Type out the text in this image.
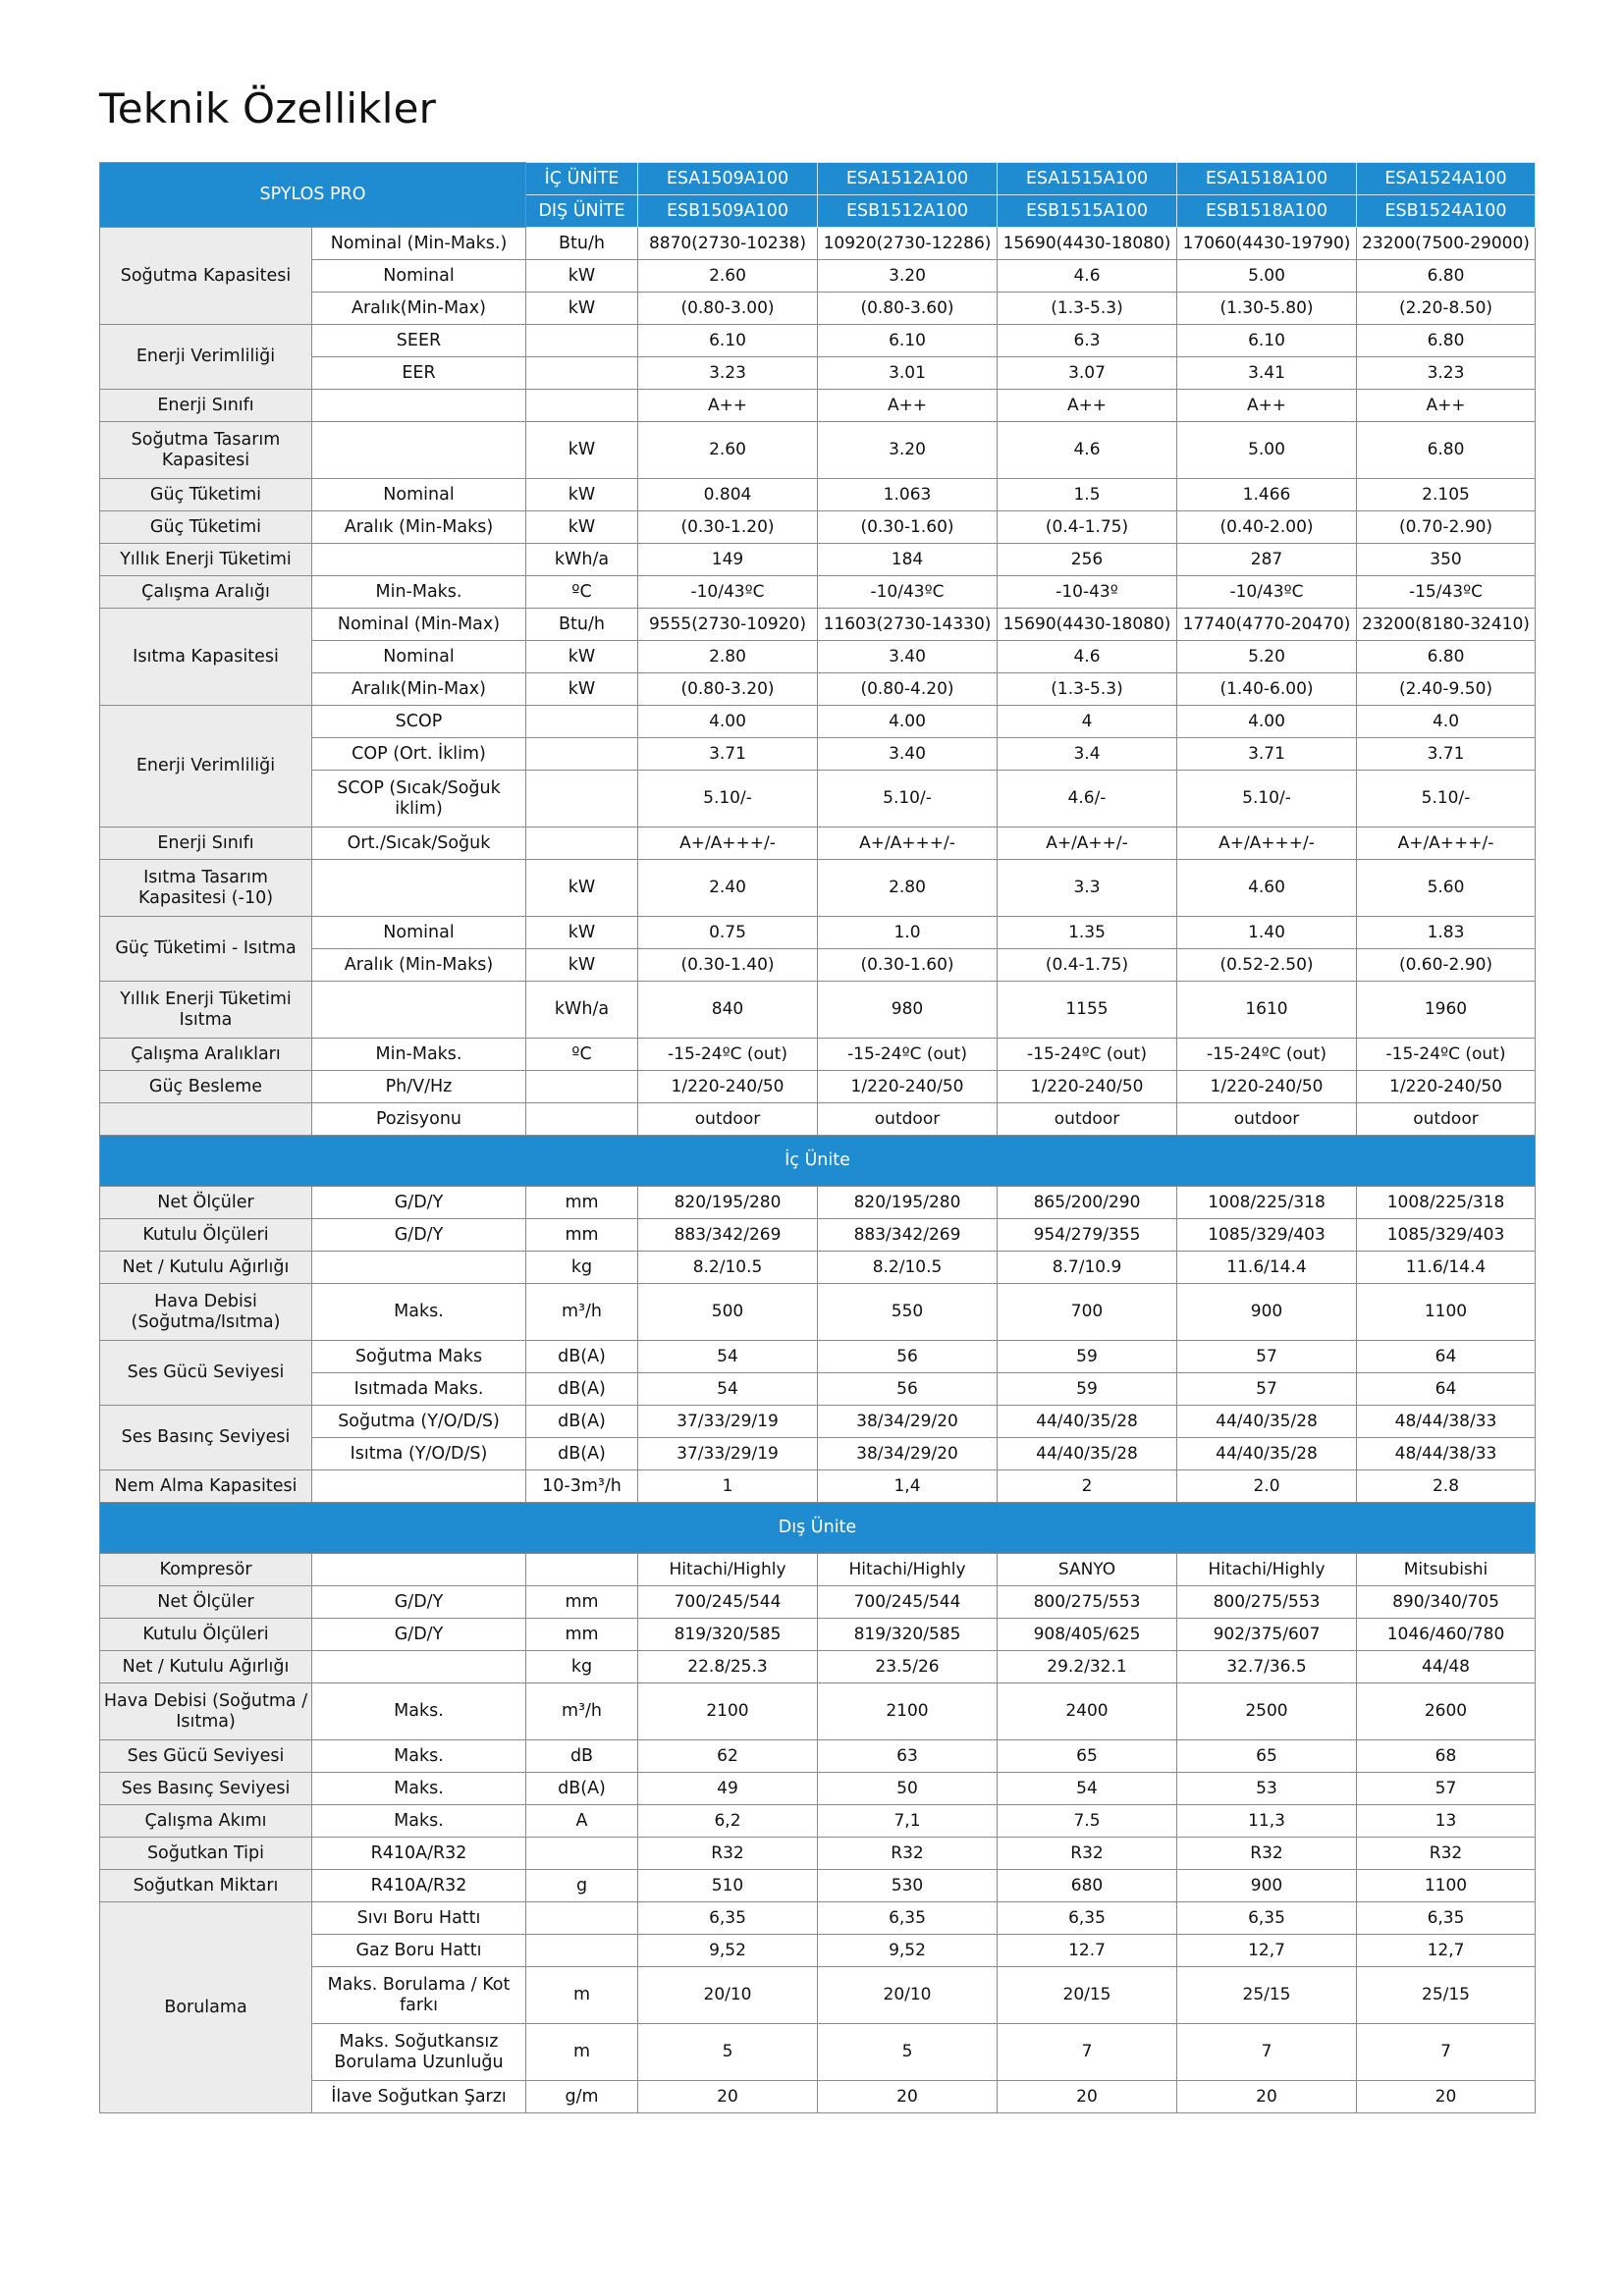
Teknik Özellikler
SPYLOS PRO		İÇ ÜNİTE	ESA1509A100	ESA1512A100	ESA1515A100	ESA1518A100	ESA1524A100
		DIŞ ÜNİTE	ESB1509A100	ESB1512A100	ESB1515A100	ESB1518A100	ESB1524A100
Soğutma Kapasitesi	Nominal (Min-Maks.)	Btu/h	8870(2730-10238)	10920(2730-12286)	15690(4430-18080)	17060(4430-19790)	23200(7500-29000)
	Nominal	kW	2.60	3.20	4.6	5.00	6.80
	Aralık(Min-Max)	kW	(0.80-3.00)	(0.80-3.60)	(1.3-5.3)	(1.30-5.80)	(2.20-8.50)
Enerji Verimliliği	SEER		6.10	6.10	6.3	6.10	6.80
	EER		3.23	3.01	3.07	3.41	3.23
Enerji Sınıfı			A++	A++	A++	A++	A++
Soğutma Tasarım Kapasitesi		kW	2.60	3.20	4.6	5.00	6.80
Güç Tüketimi	Nominal	kW	0.804	1.063	1.5	1.466	2.105
Güç Tüketimi	Aralık (Min-Maks)	kW	(0.30-1.20)	(0.30-1.60)	(0.4-1.75)	(0.40-2.00)	(0.70-2.90)
Yıllık Enerji Tüketimi		kWh/a	149	184	256	287	350
Çalışma Aralığı	Min-Maks.	ºC	-10/43ºC	-10/43ºC	-10-43º	-10/43ºC	-15/43ºC
Isıtma Kapasitesi	Nominal (Min-Max)	Btu/h	9555(2730-10920)	11603(2730-14330)	15690(4430-18080)	17740(4770-20470)	23200(8180-32410)
	Nominal	kW	2.80	3.40	4.6	5.20	6.80
	Aralık(Min-Max)	kW	(0.80-3.20)	(0.80-4.20)	(1.3-5.3)	(1.40-6.00)	(2.40-9.50)
Enerji Verimliliği	SCOP		4.00	4.00	4	4.00	4.0
	COP (Ort. İklim)		3.71	3.40	3.4	3.71	3.71
	SCOP (Sıcak/Soğuk iklim)		5.10/-	5.10/-	4.6/-	5.10/-	5.10/-
Enerji Sınıfı	Ort./Sıcak/Soğuk		A+/A+++/-	A+/A+++/-	A+/A++/-	A+/A+++/-	A+/A+++/-
Isıtma Tasarım Kapasitesi (-10)		kW	2.40	2.80	3.3	4.60	5.60
Güç Tüketimi - Isıtma	Nominal	kW	0.75	1.0	1.35	1.40	1.83
	Aralık (Min-Maks)	kW	(0.30-1.40)	(0.30-1.60)	(0.4-1.75)	(0.52-2.50)	(0.60-2.90)
Yıllık Enerji Tüketimi Isıtma		kWh/a	840	980	1155	1610	1960
Çalışma Aralıkları	Min-Maks.	ºC	-15-24ºC (out)	-15-24ºC (out)	-15-24ºC (out)	-15-24ºC (out)	-15-24ºC (out)
Güç Besleme	Ph/V/Hz		1/220-240/50	1/220-240/50	1/220-240/50	1/220-240/50	1/220-240/50
	Pozisyonu		outdoor	outdoor	outdoor	outdoor	outdoor
İç Ünite							
Net Ölçüler	G/D/Y	mm	820/195/280	820/195/280	865/200/290	1008/225/318	1008/225/318
Kutulu Ölçüleri	G/D/Y	mm	883/342/269	883/342/269	954/279/355	1085/329/403	1085/329/403
Net / Kutulu Ağırlığı		kg	8.2/10.5	8.2/10.5	8.7/10.9	11.6/14.4	11.6/14.4
Hava Debisi (Soğutma/Isıtma)	Maks.	m³/h	500	550	700	900	1100
Ses Gücü Seviyesi	Soğutma Maks	dB(A)	54	56	59	57	64
	Isıtmada Maks.	dB(A)	54	56	59	57	64
Ses Basınç Seviyesi	Soğutma (Y/O/D/S)	dB(A)	37/33/29/19	38/34/29/20	44/40/35/28	44/40/35/28	48/44/38/33
	Isıtma (Y/O/D/S)	dB(A)	37/33/29/19	38/34/29/20	44/40/35/28	44/40/35/28	48/44/38/33
Nem Alma Kapasitesi		10-3m³/h	1	1,4	2	2.0	2.8
Dış Ünite							
Kompresör			Hitachi/Highly	Hitachi/Highly	SANYO	Hitachi/Highly	Mitsubishi
Net Ölçüler	G/D/Y	mm	700/245/544	700/245/544	800/275/553	800/275/553	890/340/705
Kutulu Ölçüleri	G/D/Y	mm	819/320/585	819/320/585	908/405/625	902/375/607	1046/460/780
Net / Kutulu Ağırlığı		kg	22.8/25.3	23.5/26	29.2/32.1	32.7/36.5	44/48
Hava Debisi (Soğutma / Isıtma)	Maks.	m³/h	2100	2100	2400	2500	2600
Ses Gücü Seviyesi	Maks.	dB	62	63	65	65	68
Ses Basınç Seviyesi	Maks.	dB(A)	49	50	54	53	57
Çalışma Akımı	Maks.	A	6,2	7,1	7.5	11,3	13
Soğutkan Tipi	R410A/R32		R32	R32	R32	R32	R32
Soğutkan Miktarı	R410A/R32	g	510	530	680	900	1100
Borulama	Sıvı Boru Hattı		6,35	6,35	6,35	6,35	6,35
	Gaz Boru Hattı		9,52	9,52	12.7	12,7	12,7
	Maks. Borulama / Kot farkı	m	20/10	20/10	20/15	25/15	25/15
	Maks. Soğutkansız Borulama Uzunluğu	m	5	5	7	7	7
	İlave Soğutkan Şarzı	g/m	20	20	20	20	20
